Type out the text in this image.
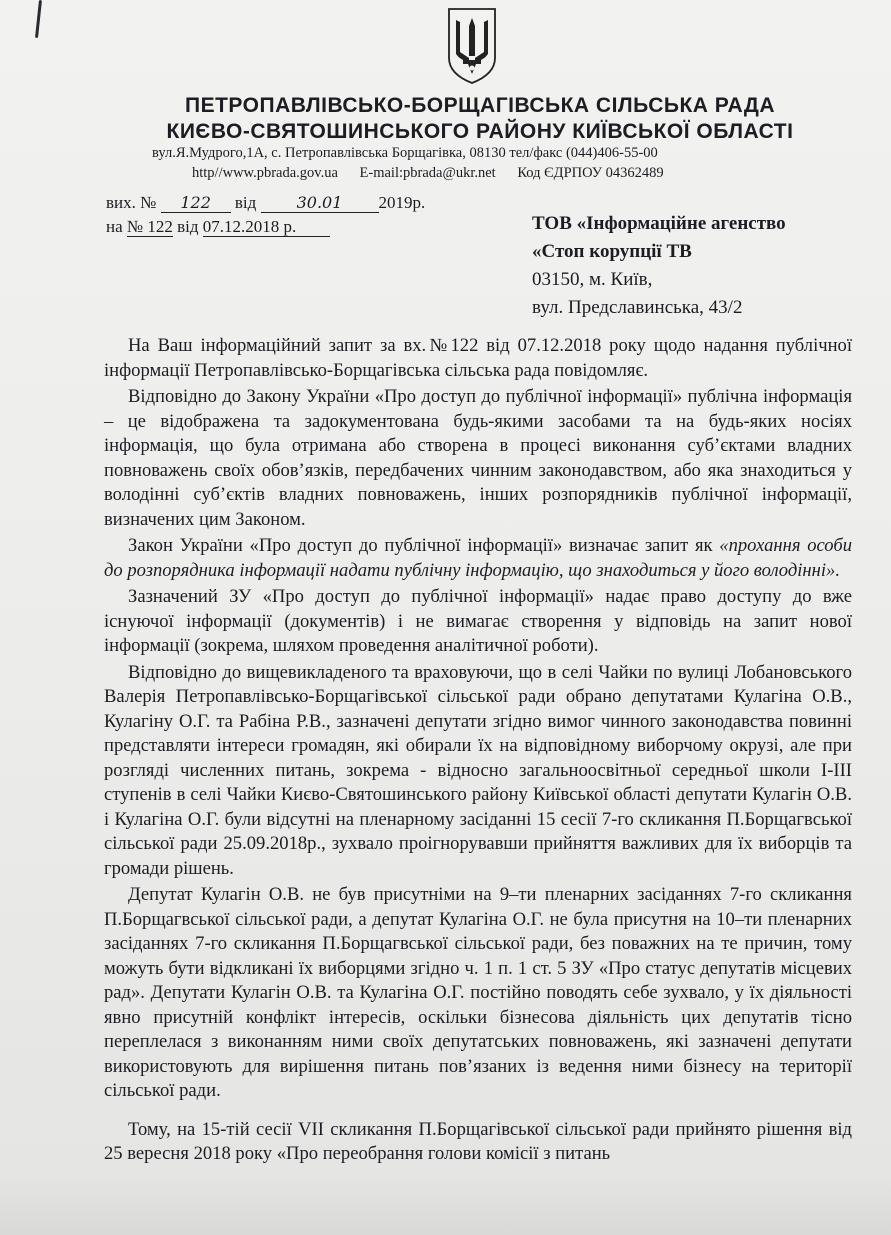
ПЕТРОПАВЛІВСЬКО-БОРЩАГІВСЬКА СІЛЬСЬКА РАДА
КИЄВО-СВЯТОШИНСЬКОГО РАЙОНУ КИЇВСЬКОЇ ОБЛАСТІ
вул.Я.Мудрого,1А, с. Петропавлівська Борщагівка, 08130 тел/факс (044)406-55-00
http//www.pbrada.gov.ua E-mail:pbrada@ukr.net Код ЄДРПОУ 04362489
вих. № 122 від	30.01 2019р.
на № 122 від 07.12.2018 р.	ТОВ «Інформаційне агенство
«Стоп корупції ТВ
03150, м. Київ,
вул. Предславинська, 43/2

На Ваш інформаційний запит за вх.№122 від 07.12.2018 року щодо надання публічної інформації Петропавлівсько-Борщагівська сільська рада повідомляє.

Відповідно до Закону України «Про доступ до публічної інформації» публічна інформація – це відображена та задокументована будь-якими засобами та на будь-яких носіях інформація, що була отримана або створена в процесі виконання суб’єктами владних повноважень своїх обов’язків, передбачених чинним законодавством, або яка знаходиться у володінні суб’єктів владних повноважень, інших розпорядників публічної інформації, визначених цим Законом.

Закон України «Про доступ до публічної інформації» визначає запит як «прохання особи до розпорядника інформації надати публічну інформацію, що знаходиться у його володінні».

Зазначений ЗУ «Про доступ до публічної інформації» надає право доступу до вже існуючої інформації (документів) і не вимагає створення у відповідь на запит нової інформації (зокрема, шляхом проведення аналітичної роботи).

Відповідно до вищевикладеного та враховуючи, що в селі Чайки по вулиці Лобановського Валерія Петропавлівсько-Борщагівської сільської ради обрано депутатами Кулагіна О.В., Кулагіну О.Г. та Рабіна Р.В., зазначені депутати згідно вимог чинного законодавства повинні представляти інтереси громадян, які обирали їх на відповідному виборчому окрузі, але при розгляді численних питань, зокрема - відносно загальноосвітньої середньої школи І-ІІІ ступенів в селі Чайки Києво-Святошинського району Київської області депутати Кулагін О.В. і Кулагіна О.Г. були відсутні на пленарному засіданні 15 сесії 7-го скликання П.Борщагвської сільської ради 25.09.2018р., зухвало проігнорувавши прийняття важливих для їх виборців та громади рішень.

Депутат Кулагін О.В. не був присутніми на 9–ти пленарних засіданнях 7-го скликання П.Борщагвської сільської ради, а депутат Кулагіна О.Г. не була присутня на 10–ти пленарних засіданнях 7-го скликання П.Борщагвської сільської ради, без поважних на те причин, тому можуть бути відкликані їх виборцями згідно ч. 1 п. 1 ст. 5 ЗУ «Про статус депутатів місцевих рад». Депутати Кулагін О.В. та Кулагіна О.Г. постійно поводять себе зухвало, у їх діяльності явно присутній конфлікт інтересів, оскільки бізнесова діяльність цих депутатів тісно переплелася з виконанням ними своїх депутатських повноважень, які зазначені депутати використовують для вирішення питань пов’язаних із ведення ними бізнесу на території сільської ради.

Тому, на 15-тій сесії VII скликання П.Борщагівської сільської ради прийнято рішення від 25 вересня 2018 року «Про переобрання голови комісії з питань
